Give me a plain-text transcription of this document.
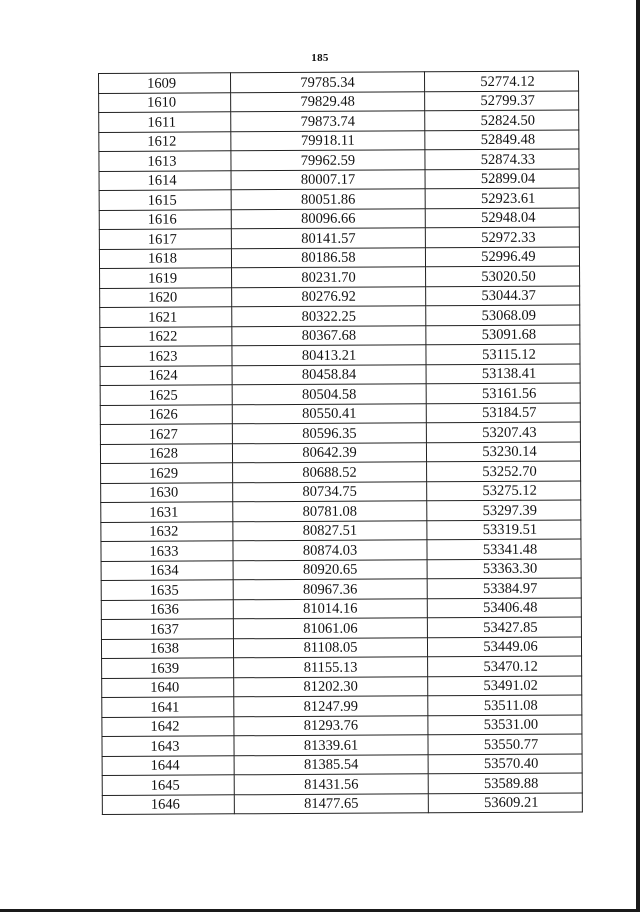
185
1609	79785.34	52774.12
1610	79829.48	52799.37
1611	79873.74	52824.50
1612	79918.11	52849.48
1613	79962.59	52874.33
1614	80007.17	52899.04
1615	80051.86	52923.61
1616	80096.66	52948.04
1617	80141.57	52972.33
1618	80186.58	52996.49
1619	80231.70	53020.50
1620	80276.92	53044.37
1621	80322.25	53068.09
1622	80367.68	53091.68
1623	80413.21	53115.12
1624	80458.84	53138.41
1625	80504.58	53161.56
1626	80550.41	53184.57
1627	80596.35	53207.43
1628	80642.39	53230.14
1629	80688.52	53252.70
1630	80734.75	53275.12
1631	80781.08	53297.39
1632	80827.51	53319.51
1633	80874.03	53341.48
1634	80920.65	53363.30
1635	80967.36	53384.97
1636	81014.16	53406.48
1637	81061.06	53427.85
1638	81108.05	53449.06
1639	81155.13	53470.12
1640	81202.30	53491.02
1641	81247.99	53511.08
1642	81293.76	53531.00
1643	81339.61	53550.77
1644	81385.54	53570.40
1645	81431.56	53589.88
1646	81477.65	53609.21
